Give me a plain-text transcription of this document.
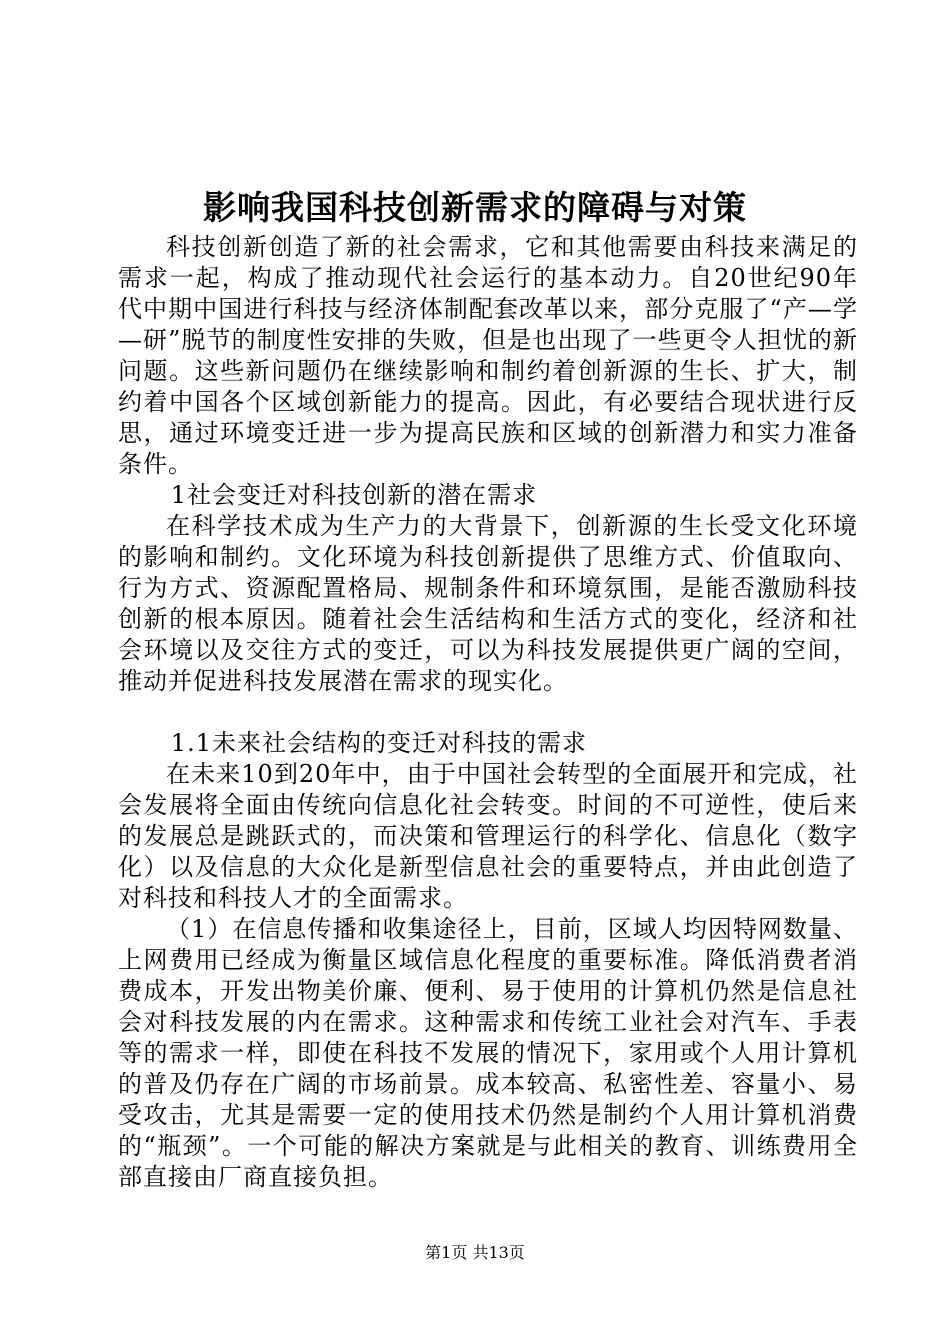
影响我国科技创新需求的障碍与对策

科技创新创造了新的社会需求，它和其他需要由科技来满足的需求一起，构成了推动现代社会运行的基本动力。自20世纪90年代中期中国进行科技与经济体制配套改革以来，部分克服了“产—学—研”脱节的制度性安排的失败，但是也出现了一些更令人担忧的新问题。这些新问题仍在继续影响和制约着创新源的生长、扩大，制约着中国各个区域创新能力的提高。因此，有必要结合现状进行反思，通过环境变迁进一步为提高民族和区域的创新潜力和实力准备条件。

1社会变迁对科技创新的潜在需求

在科学技术成为生产力的大背景下，创新源的生长受文化环境的影响和制约。文化环境为科技创新提供了思维方式、价值取向、行为方式、资源配置格局、规制条件和环境氛围，是能否激励科技创新的根本原因。随着社会生活结构和生活方式的变化，经济和社会环境以及交往方式的变迁，可以为科技发展提供更广阔的空间，推动并促进科技发展潜在需求的现实化。

1.1未来社会结构的变迁对科技的需求

在未来10到20年中，由于中国社会转型的全面展开和完成，社会发展将全面由传统向信息化社会转变。时间的不可逆性，使后来的发展总是跳跃式的，而决策和管理运行的科学化、信息化（数字化）以及信息的大众化是新型信息社会的重要特点，并由此创造了对科技和科技人才的全面需求。

（1）在信息传播和收集途径上，目前，区域人均因特网数量、上网费用已经成为衡量区域信息化程度的重要标准。降低消费者消费成本，开发出物美价廉、便利、易于使用的计算机仍然是信息社会对科技发展的内在需求。这种需求和传统工业社会对汽车、手表等的需求一样，即使在科技不发展的情况下，家用或个人用计算机的普及仍存在广阔的市场前景。成本较高、私密性差、容量小、易受攻击，尤其是需要一定的使用技术仍然是制约个人用计算机消费的“瓶颈”。一个可能的解决方案就是与此相关的教育、训练费用全部直接由厂商直接负担。

第1页 共13页
